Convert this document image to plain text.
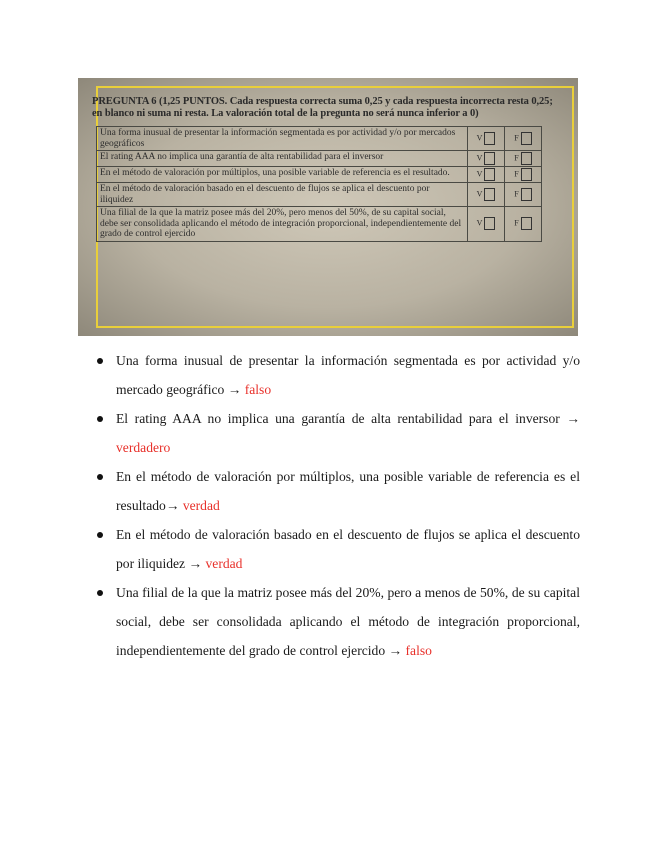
PREGUNTA 6 (1,25 PUNTOS. Cada respuesta correcta suma 0,25 y cada respuesta incorrecta resta 0,25; en blanco ni suma ni resta. La valoración total de la pregunta no será nunca inferior a 0)
Una forma inusual de presentar la información segmentada es por actividad y/o por mercados geográficos	V	F
El rating AAA no implica una garantía de alta rentabilidad para el inversor	V	F
En el método de valoración por múltiplos, una posible variable de referencia es el resultado.	V	F
En el método de valoración basado en el descuento de flujos se aplica el descuento por iliquidez	V	F
Una filial de la que la matriz posee más del 20%, pero menos del 50%, de su capital social, debe ser consolidada aplicando el método de integración proporcional, independientemente del grado de control ejercido	V	F
Una forma inusual de presentar la información segmentada es por actividad y/o mercado geográfico → falso
El rating AAA no implica una garantía de alta rentabilidad para el inversor → verdadero
En el método de valoración por múltiplos, una posible variable de referencia es el resultado→ verdad
En el método de valoración basado en el descuento de flujos se aplica el descuento por iliquidez → verdad
Una filial de la que la matriz posee más del 20%, pero a menos de 50%, de su capital social, debe ser consolidada aplicando el método de integración proporcional, independientemente del grado de control ejercido → falso
